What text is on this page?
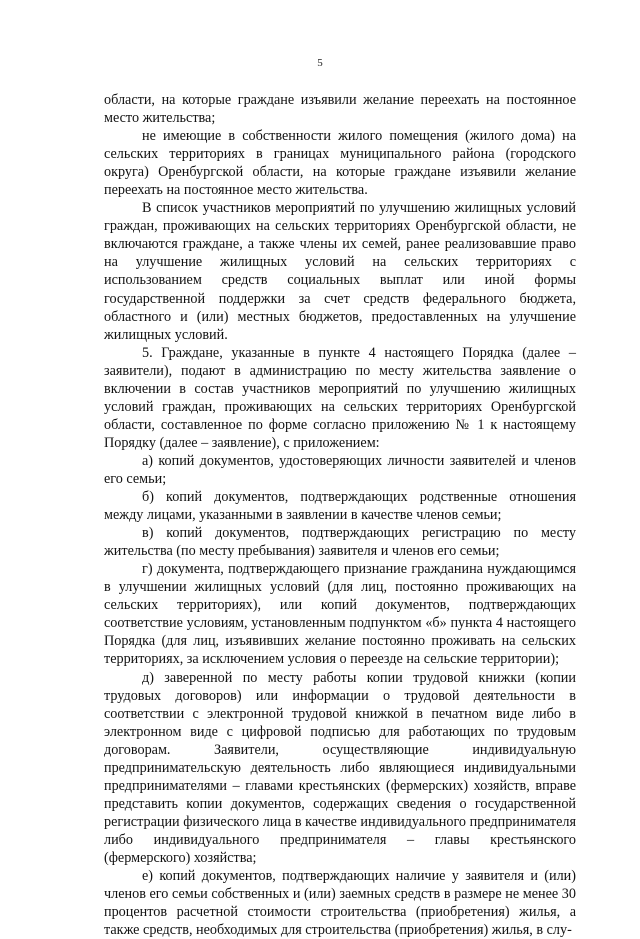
5

области, на которые граждане изъявили желание переехать на постоянное место жительства;

не имеющие в собственности жилого помещения (жилого дома) на сельских территориях в границах муниципального района (городского округа) Оренбургской области, на которые граждане изъявили желание переехать на постоянное место жительства.

В список участников мероприятий по улучшению жилищных условий граждан, проживающих на сельских территориях Оренбургской области, не включаются граждане, а также члены их семей, ранее реализовавшие право на улучшение жилищных условий на сельских территориях с использованием средств социальных выплат или иной формы государственной поддержки за счет средств федерального бюджета, областного и (или) местных бюджетов, предоставленных на улучшение жилищных условий.

5. Граждане, указанные в пункте 4 настоящего Порядка (далее – заявители), подают в администрацию по месту жительства заявление о включении в состав участников мероприятий по улучшению жилищных условий граждан, проживающих на сельских территориях Оренбургской области, составленное по форме согласно приложению № 1 к настоящему Порядку (далее – заявление), с приложением:

а) копий документов, удостоверяющих личности заявителей и членов его семьи;

б) копий документов, подтверждающих родственные отношения между лицами, указанными в заявлении в качестве членов семьи;

в) копий документов, подтверждающих регистрацию по месту жительства (по месту пребывания) заявителя и членов его семьи;

г) документа, подтверждающего признание гражданина нуждающимся в улучшении жилищных условий (для лиц, постоянно проживающих на сельских территориях), или копий документов, подтверждающих соответствие условиям, установленным подпунктом «б» пункта 4 настоящего Порядка (для лиц, изъявивших желание постоянно проживать на сельских территориях, за исключением условия о переезде на сельские территории);

д) заверенной по месту работы копии трудовой книжки (копии трудовых договоров) или информации о трудовой деятельности в соответствии с электронной трудовой книжкой в печатном виде либо в электронном виде с цифровой подписью для работающих по трудовым договорам. Заявители, осуществляющие индивидуальную предпринимательскую деятельность либо являющиеся индивидуальными предпринимателями – главами крестьянских (фермерских) хозяйств, вправе представить копии документов, содержащих сведения о государственной регистрации физического лица в качестве индивидуального предпринимателя либо индивидуального предпринимателя – главы крестьянского (фермерского) хозяйства;

е) копий документов, подтверждающих наличие у заявителя и (или) членов его семьи собственных и (или) заемных средств в размере не менее 30 процентов расчетной стоимости строительства (приобретения) жилья, а также средств, необходимых для строительства (приобретения) жилья, в слу-
